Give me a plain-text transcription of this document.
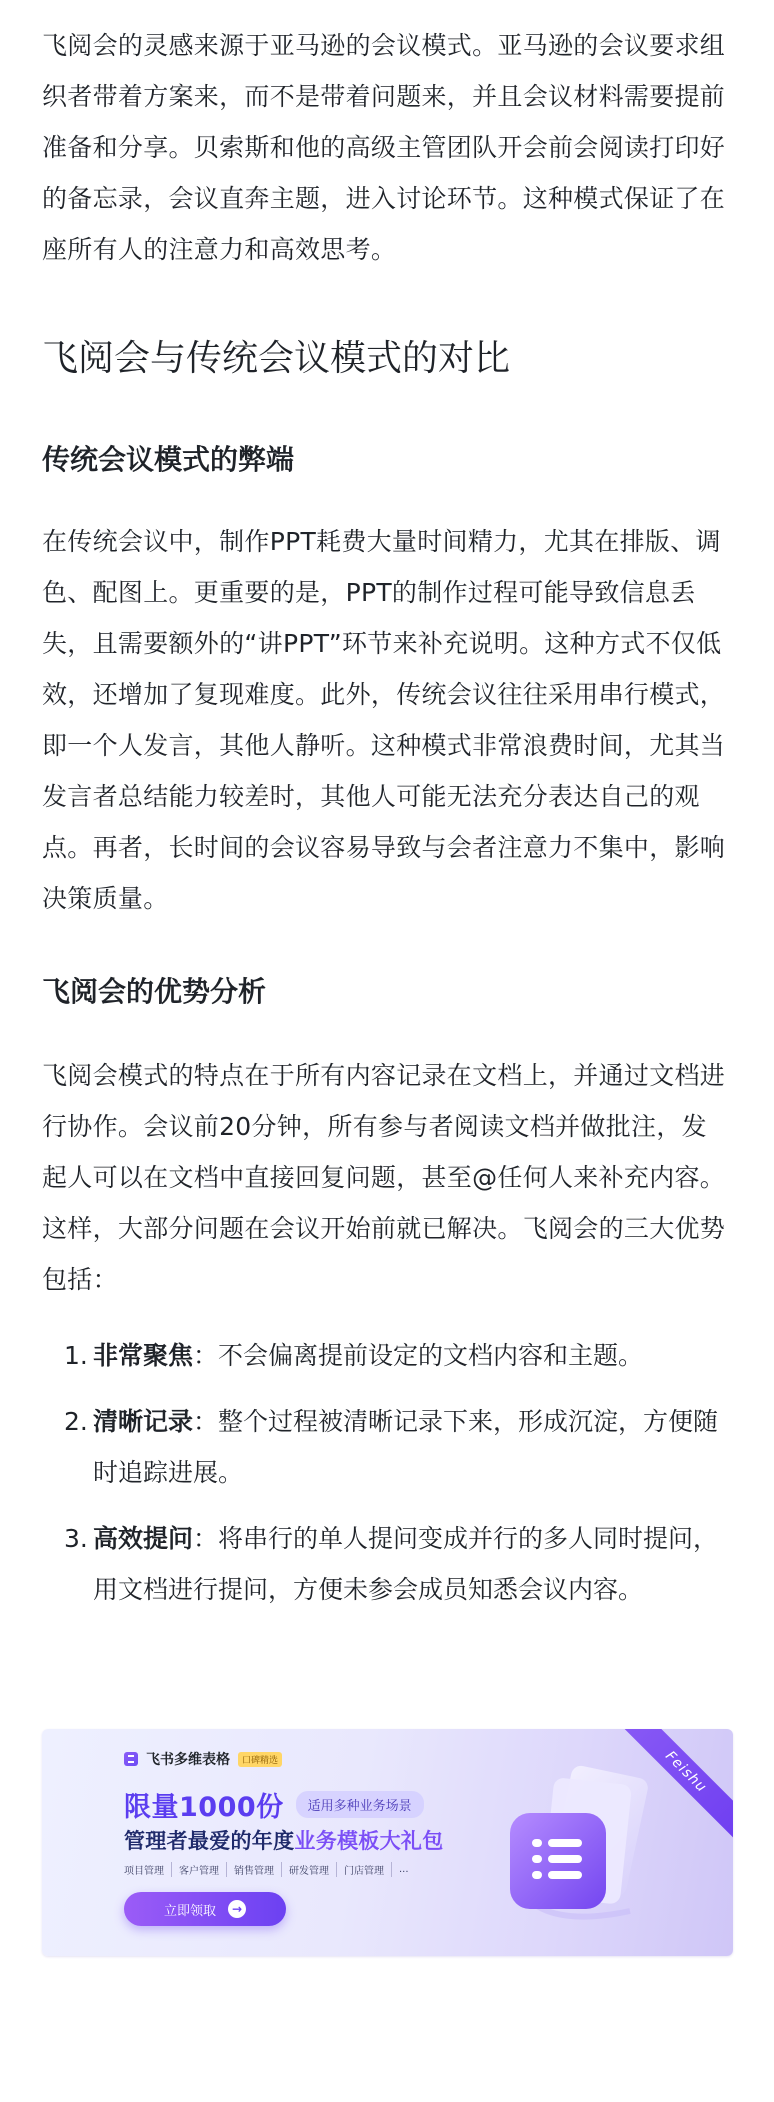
飞阅会的灵感来源于亚马逊的会议模式。亚马逊的会议要求组织者带着方案来，而不是带着问题来，并且会议材料需要提前准备和分享。贝索斯和他的高级主管团队开会前会阅读打印好的备忘录，会议直奔主题，进入讨论环节。这种模式保证了在座所有人的注意力和高效思考。

飞阅会与传统会议模式的对比
传统会议模式的弊端

在传统会议中，制作PPT耗费大量时间精力，尤其在排版、调色、配图上。更重要的是，PPT的制作过程可能导致信息丢失，且需要额外的“讲PPT”环节来补充说明。这种方式不仅低效，还增加了复现难度。此外，传统会议往往采用串行模式，即一个人发言，其他人静听。这种模式非常浪费时间，尤其当发言者总结能力较差时，其他人可能无法充分表达自己的观点。再者，长时间的会议容易导致与会者注意力不集中，影响决策质量。

飞阅会的优势分析

飞阅会模式的特点在于所有内容记录在文档上，并通过文档进行协作。会议前20分钟，所有参与者阅读文档并做批注，发起人可以在文档中直接回复问题，甚至@任何人来补充内容。这样，大部分问题在会议开始前就已解决。飞阅会的三大优势包括：

1. 非常聚焦：不会偏离提前设定的文档内容和主题。
2. 清晰记录：整个过程被清晰记录下来，形成沉淀，方便随时追踪进展。
3. 高效提问：将串行的单人提问变成并行的多人同时提问，用文档进行提问，方便未参会成员知悉会议内容。
飞书多维表格	口碑精选
限量1000份	适用多种业务场景
管理者最爱的年度业务模板大礼包
项目管理	客户管理	销售管理	研发管理	门店管理	...
立即领取	→
Feishu
